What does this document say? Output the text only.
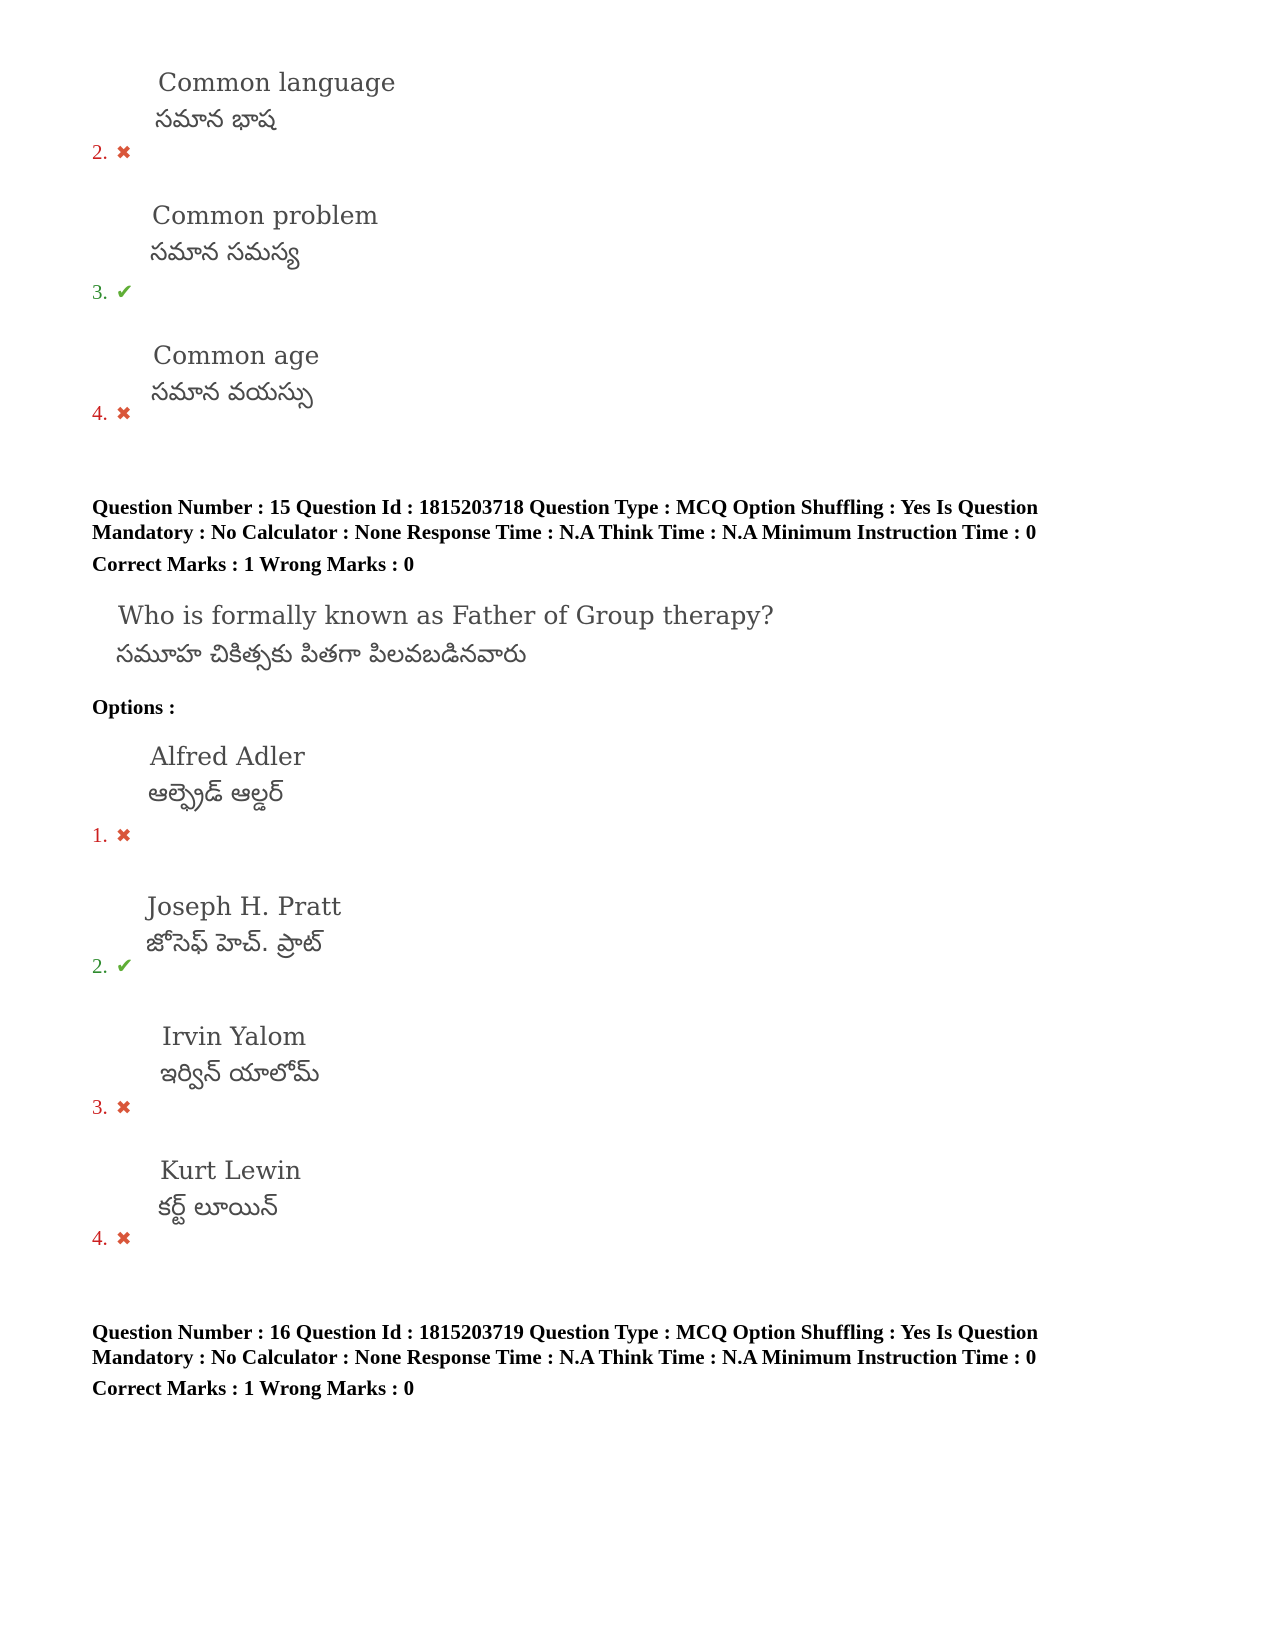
Common language
సమాన భాష
2. ✖
Common problem
సమాన సమస్య
3. ✔
Common age
సమాన వయస్సు
4. ✖
Question Number : 15 Question Id : 1815203718 Question Type : MCQ Option Shuffling : Yes Is Question
Mandatory : No Calculator : None Response Time : N.A Think Time : N.A Minimum Instruction Time : 0
Correct Marks : 1 Wrong Marks : 0
Who is formally known as Father of Group therapy?
సమూహ చికిత్సకు పితగా పిలవబడినవారు
Options :
Alfred Adler
ఆల్ఫ్రెడ్ ఆల్డర్
1. ✖
Joseph H. Pratt
జోసెఫ్ హెచ్. ప్రాట్
2. ✔
Irvin Yalom
ఇర్విన్ యాలోమ్
3. ✖
Kurt Lewin
కర్ట్ లూయిన్
4. ✖
Question Number : 16 Question Id : 1815203719 Question Type : MCQ Option Shuffling : Yes Is Question
Mandatory : No Calculator : None Response Time : N.A Think Time : N.A Minimum Instruction Time : 0
Correct Marks : 1 Wrong Marks : 0
